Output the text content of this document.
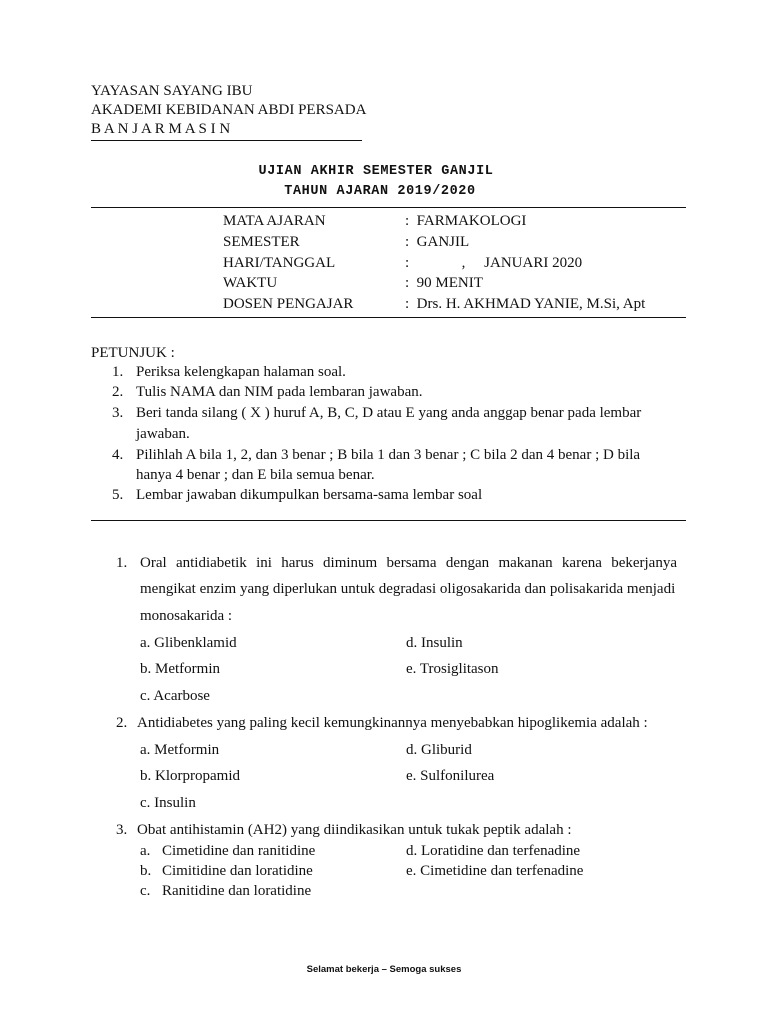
YAYASAN SAYANG IBU
AKADEMI KEBIDANAN ABDI PERSADA
B A N J A R M A S I N
UJIAN AKHIR SEMESTER GANJIL
TAHUN AJARAN 2019/2020
MATA AJARAN	:  FARMAKOLOGI
SEMESTER	:  GANJIL
HARI/TANGGAL	:              ,     JANUARI 2020
WAKTU	:  90 MENIT
DOSEN PENGAJAR	:  Drs. H. AKHMAD YANIE, M.Si, Apt
PETUNJUK :
1. Periksa kelengkapan halaman soal.
2. Tulis NAMA dan NIM pada lembaran jawaban.
3. Beri tanda silang ( X ) huruf A, B, C, D atau E yang anda anggap benar pada lembar
jawaban.
4. Pilihlah A bila 1, 2, dan 3 benar ; B bila 1 dan 3 benar ; C bila 2 dan 4 benar ; D bila
hanya 4 benar ; dan E bila semua benar.
5. Lembar jawaban dikumpulkan bersama-sama lembar soal
1. Oral antidiabetik ini harus diminum bersama dengan makanan karena bekerjanya
mengikat enzim yang diperlukan untuk degradasi oligosakarida dan polisakarida menjadi
monosakarida :
a. Glibenklamid
b. Metformin
c. Acarbose
d. Insulin
e. Trosiglitason
2. Antidiabetes yang paling kecil kemungkinannya menyebabkan hipoglikemia adalah :
a. Metformin
b. Klorpropamid
c. Insulin
d. Gliburid
e. Sulfonilurea
3. Obat antihistamin (AH2) yang diindikasikan untuk tukak peptik adalah :
a. Cimetidine dan ranitidine
b. Cimitidine dan loratidine
c. Ranitidine dan loratidine
d. Loratidine dan terfenadine
e. Cimetidine dan terfenadine
Selamat bekerja – Semoga sukses
